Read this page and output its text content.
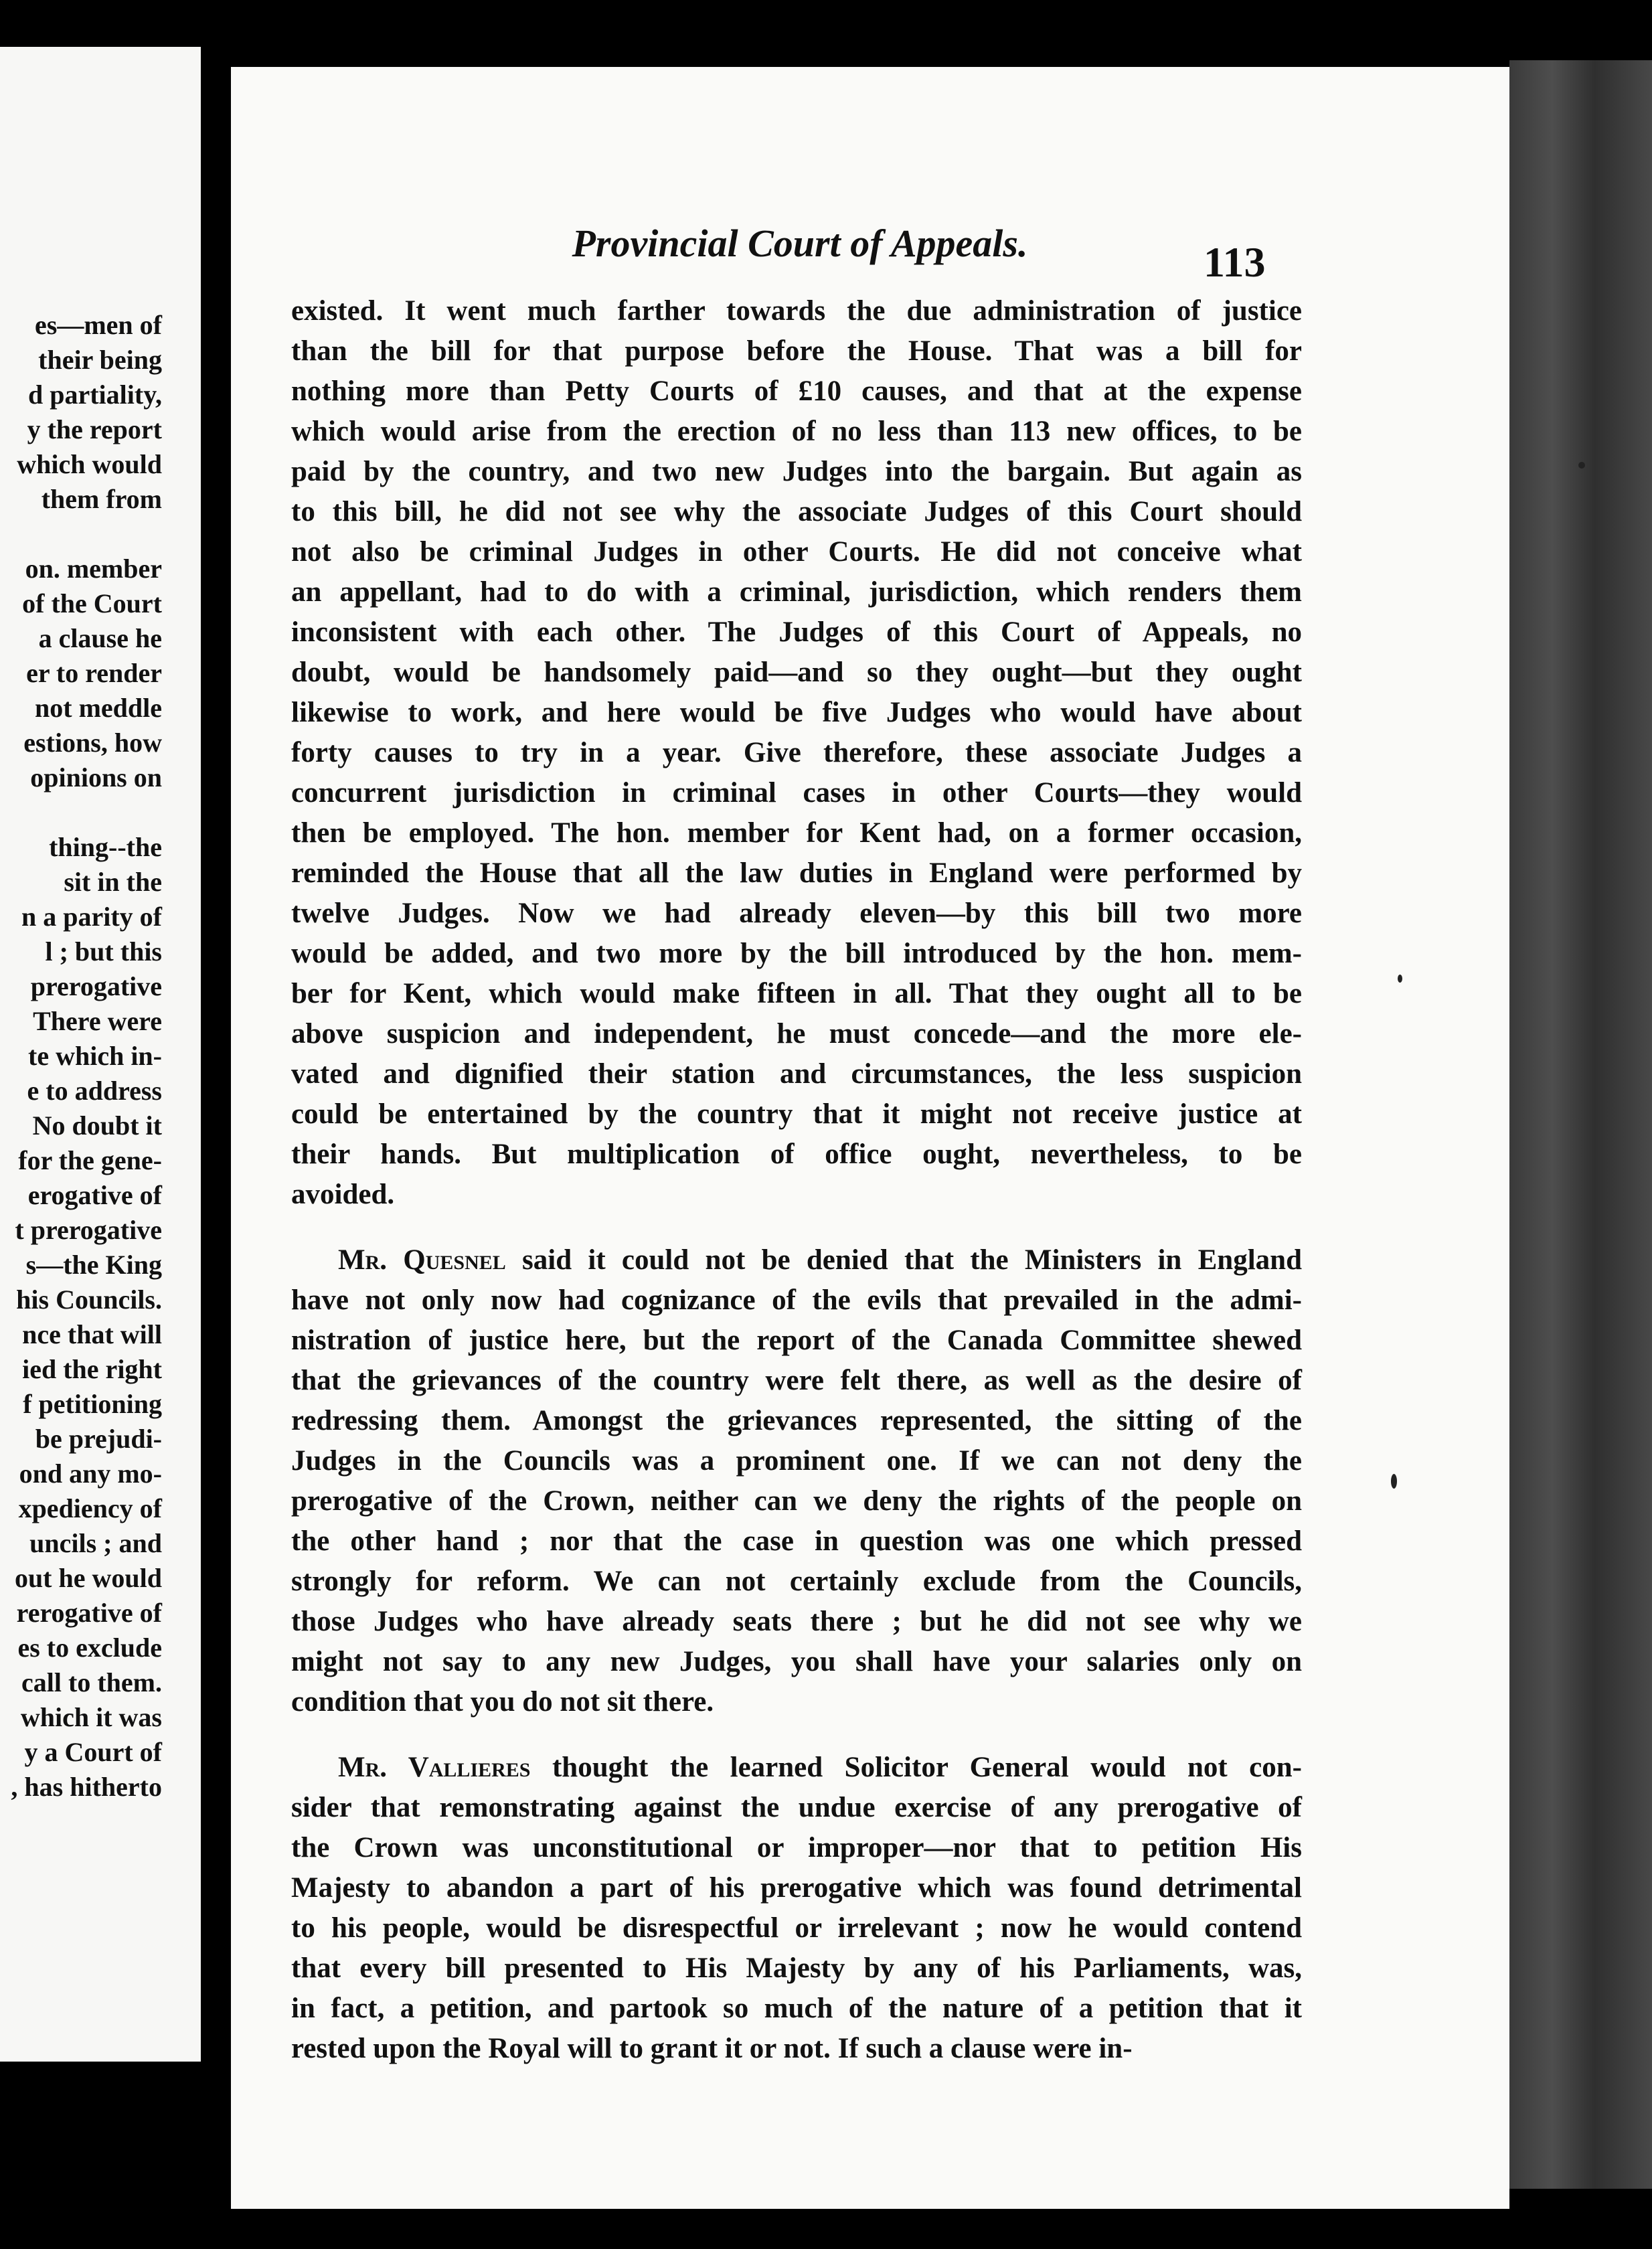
es—men of
their being
d partiality,
y the report
which would
them from
on. member
of the Court
a clause he
er to render
not meddle
estions, how
opinions on
thing--the
sit in the
n a parity of
l ; but this
prerogative
There were
te which in-
e to address
No doubt it
for the gene-
erogative of
t prerogative
s—the King
his Councils.
nce that will
ied the right
f petitioning
be prejudi-
ond any mo-
xpediency of
uncils ; and
out he would
rerogative of
es to exclude
call to them.
which it was
y a Court of
, has hitherto
Provincial Court of Appeals.	113
existed. It went much farther towards the due administration of justice
than the bill for that purpose before the House. That was a bill for
nothing more than Petty Courts of £10 causes, and that at the expense
which would arise from the erection of no less than 113 new offices, to be
paid by the country, and two new Judges into the bargain. But again as
to this bill, he did not see why the associate Judges of this Court should
not also be criminal Judges in other Courts. He did not conceive what
an appellant, had to do with a criminal, jurisdiction, which renders them
inconsistent with each other. The Judges of this Court of Appeals, no
doubt, would be handsomely paid—and so they ought—but they ought
likewise to work, and here would be five Judges who would have about
forty causes to try in a year. Give therefore, these associate Judges a
concurrent jurisdiction in criminal cases in other Courts—they would
then be employed. The hon. member for Kent had, on a former occasion,
reminded the House that all the law duties in England were performed by
twelve Judges. Now we had already eleven—by this bill two more
would be added, and two more by the bill introduced by the hon. mem-
ber for Kent, which would make fifteen in all. That they ought all to be
above suspicion and independent, he must concede—and the more ele-
vated and dignified their station and circumstances, the less suspicion
could be entertained by the country that it might not receive justice at
their hands. But multiplication of office ought, nevertheless, to be
avoided.
Mr. Quesnel said it could not be denied that the Ministers in England
have not only now had cognizance of the evils that prevailed in the admi-
nistration of justice here, but the report of the Canada Committee shewed
that the grievances of the country were felt there, as well as the desire of
redressing them. Amongst the grievances represented, the sitting of the
Judges in the Councils was a prominent one. If we can not deny the
prerogative of the Crown, neither can we deny the rights of the people on
the other hand ; nor that the case in question was one which pressed
strongly for reform. We can not certainly exclude from the Councils,
those Judges who have already seats there ; but he did not see why we
might not say to any new Judges, you shall have your salaries only on
condition that you do not sit there.
Mr. Vallieres thought the learned Solicitor General would not con-
sider that remonstrating against the undue exercise of any prerogative of
the Crown was unconstitutional or improper—nor that to petition His
Majesty to abandon a part of his prerogative which was found detrimental
to his people, would be disrespectful or irrelevant ; now he would contend
that every bill presented to His Majesty by any of his Parliaments, was,
in fact, a petition, and partook so much of the nature of a petition that it
rested upon the Royal will to grant it or not. If such a clause were in-
